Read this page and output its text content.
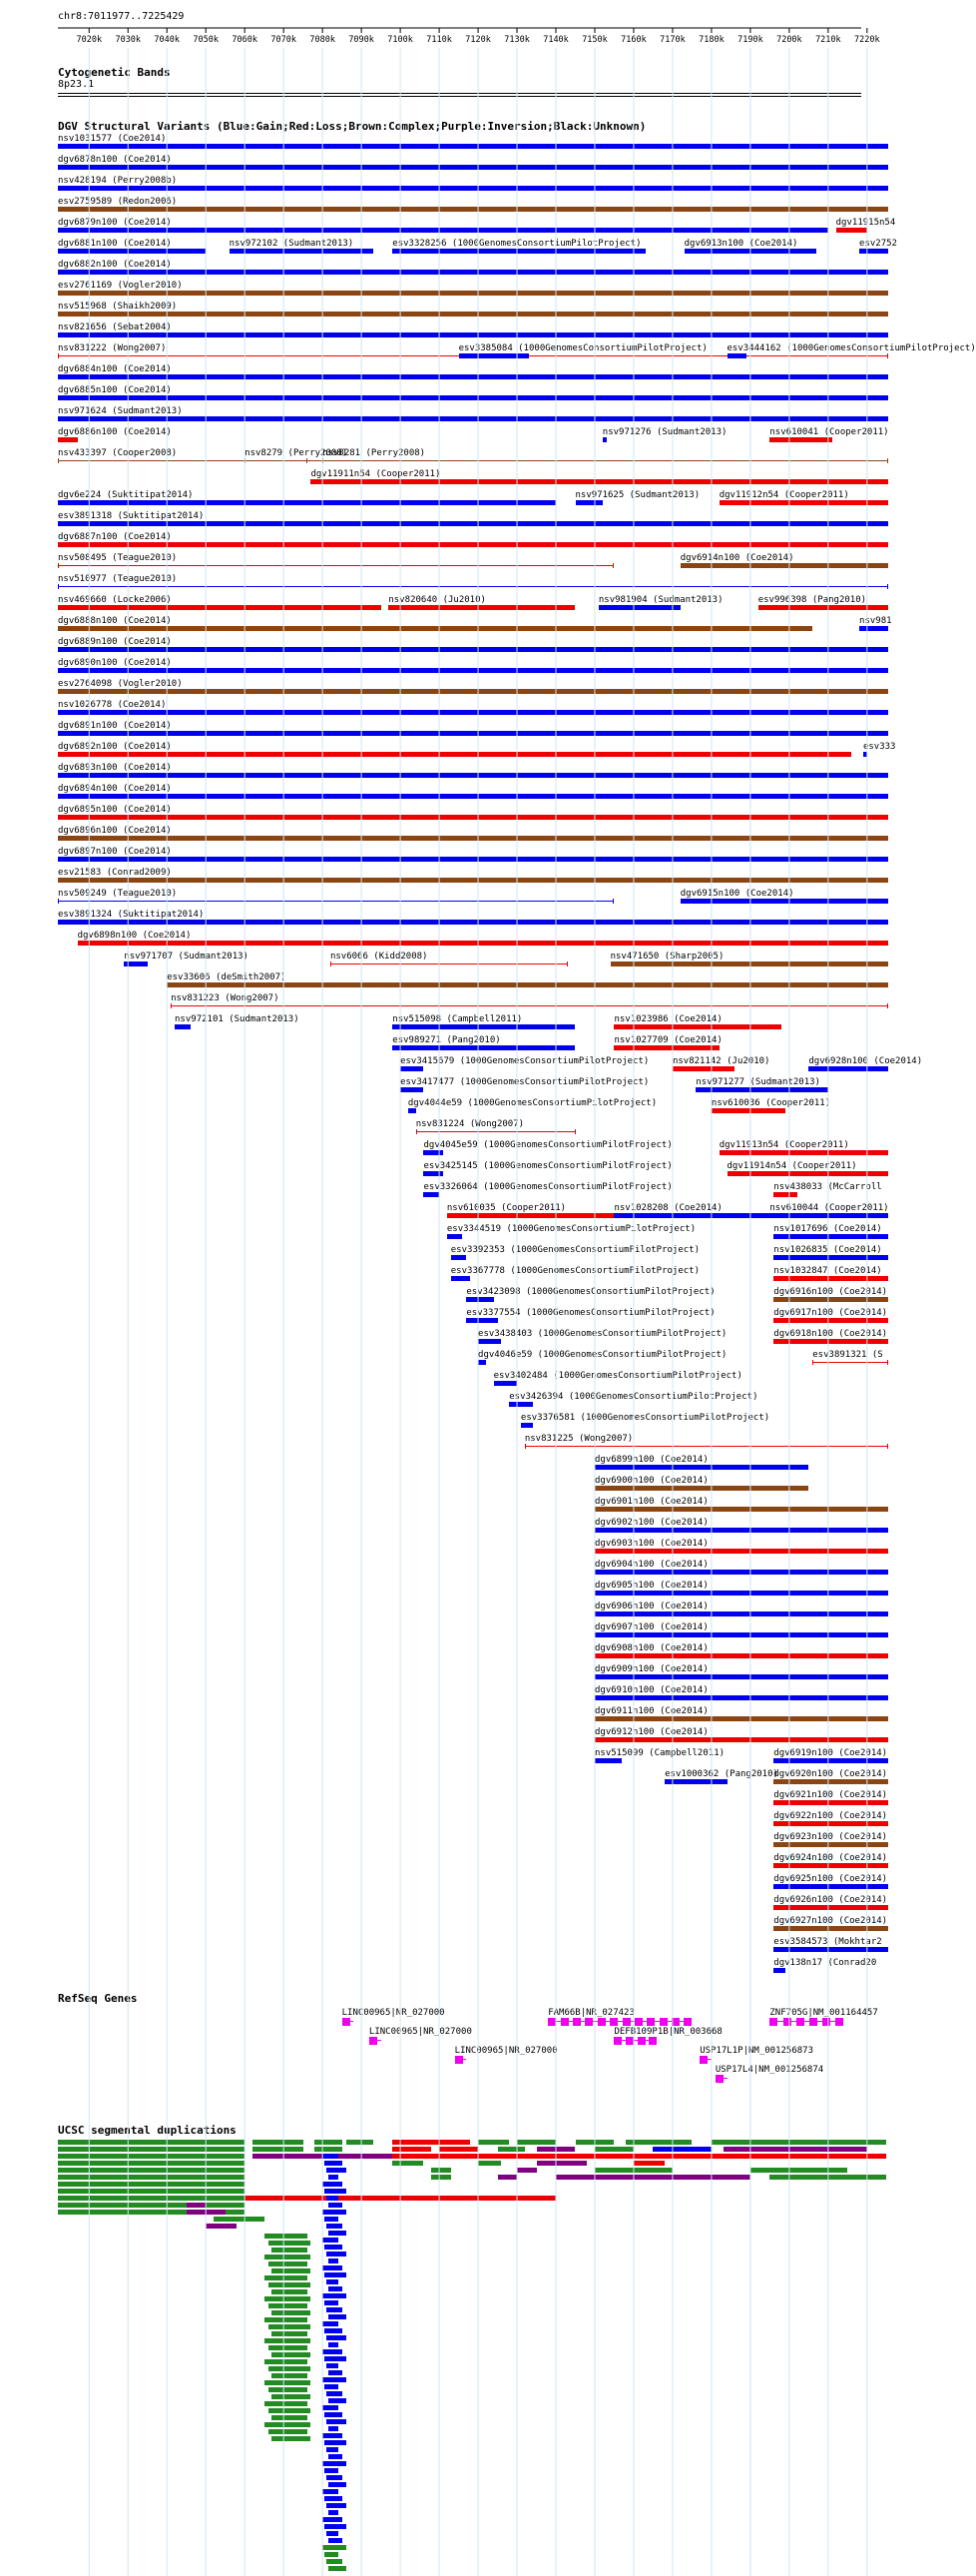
7020k 7030k 7040k 7050k 7060k 7070k 7080k 7090k 7100k 7110k 7120k 7130k 7140k 7150k 7160k 7170k 7180k 7190k 7200k 7210k 7220k
chr8:7011977..7225429
Cytogenetic Bands
8p23.1
DGV Structural Variants (Blue:Gain;Red:Loss;Brown:Complex;Purple:Inversion;Black:Unknown)
nsv1031577 (Coe2014)
dgv6878n100 (Coe2014)
nsv428194 (Perry2008b)
esv2759589 (Redon2006)
dgv6879n100 (Coe2014)	dgv11915n54
dgv6881n100 (Coe2014)	nsv972102 (Sudmant2013)	esv3328256 (1000GenomesConsortiumPilotProject)	dgv6913n100 (Coe2014)	esv2752
dgv6882n100 (Coe2014)
esv2761169 (Vogler2010)
nsv515968 (Shaikh2009)
nsv821656 (Sebat2004)
nsv831222 (Wong2007)	esv3385084 (1000GenomesConsortiumPilotProject) esv3444162 (1000GenomesConsortiumPilotProject)
dgv6884n100 (Coe2014)
dgv6885n100 (Coe2014)
nsv971624 (Sudmant2013)
dgv6886n100 (Coe2014)	nsv971276 (Sudmant2013)	nsv610041 (Cooper2011)
nsv433397 (Cooper2008)	nsv8279 (Perry2008)
nsv8281 (Perry2008)
dgv11911n54 (Cooper2011)
dgv6e224 (Suktitipat2014)	nsv971625 (Sudmant2013) dgv11912n54 (Cooper2011)
esv3891318 (Suktitipat2014)
dgv6887n100 (Coe2014)
nsv508495 (Teague2010)	dgv6914n100 (Coe2014)
nsv510977 (Teague2010)
nsv469660 (Locke2006)	nsv820640 (Ju2010)	nsv981904 (Sudmant2013)	esv996398 (Pang2010)
dgv6888n100 (Coe2014)	nsv981
dgv6889n100 (Coe2014)
dgv6890n100 (Coe2014)
esv2764098 (Vogler2010)
nsv1026778 (Coe2014)
dgv6891n100 (Coe2014)
dgv6892n100 (Coe2014)	esv333
dgv6893n100 (Coe2014)
dgv6894n100 (Coe2014)
dgv6895n100 (Coe2014)
dgv6896n100 (Coe2014)
dgv6897n100 (Coe2014)
esv21583 (Conrad2009)
nsv509249 (Teague2010)	dgv6915n100 (Coe2014)
esv3891324 (Suktitipat2014)
dgv6898n100 (Coe2014)
nsv971707 (Sudmant2013)	nsv6066 (Kidd2008)	nsv471650 (Sharp2005)
esv33606 (deSmith2007)
nsv831223 (Wong2007)
nsv972101 (Sudmant2013)	nsv515098 (Campbell2011)	nsv1023986 (Coe2014)
esv989271 (Pang2010)	nsv1027709 (Coe2014)
esv3415679 (1000GenomesConsortiumPilotProject)	nsv821142 (Ju2010)	dgv6928n100 (Coe2014)
esv3417477 (1000GenomesConsortiumPilotProject)	nsv971277 (Sudmant2013)
dgv4044e59 (1000GenomesConsortiumPilotProject)	nsv610036 (Cooper2011)
nsv831224 (Wong2007)
dgv4045e59 (1000GenomesConsortiumPilotProject)	dgv11913n54 (Cooper2011)
esv3425145 (1000GenomesConsortiumPilotProject)	dgv11914n54 (Cooper2011)
esv3326064 (1000GenomesConsortiumPilotProject)	nsv438033 (McCarroll
nsv610035 (Cooper2011)	nsv1028208 (Coe2014)	nsv610044 (Cooper2011)
esv3344519 (1000GenomesConsortiumPilotProject)	nsv1017696 (Coe2014)
esv3392353 (1000GenomesConsortiumPilotProject)	nsv1026835 (Coe2014)
esv3367778 (1000GenomesConsortiumPilotProject)	nsv1032847 (Coe2014)
esv3423098 (1000GenomesConsortiumPilotProject)	dgv6916n100 (Coe2014)
esv3377554 (1000GenomesConsortiumPilotProject)	dgv6917n100 (Coe2014)
esv3438403 (1000GenomesConsortiumPilotProject)	dgv6918n100 (Coe2014)
dgv4046e59 (1000GenomesConsortiumPilotProject)	esv3891321 (S
esv3402484 (1000GenomesConsortiumPilotProject)
esv3426394 (1000GenomesConsortiumPilotProject)
esv3376581 (1000GenomesConsortiumPilotProject)
nsv831225 (Wong2007)
dgv6899n100 (Coe2014)
dgv6900n100 (Coe2014)
dgv6901n100 (Coe2014)
dgv6902n100 (Coe2014)
dgv6903n100 (Coe2014)
dgv6904n100 (Coe2014)
dgv6905n100 (Coe2014)
dgv6906n100 (Coe2014)
dgv6907n100 (Coe2014)
dgv6908n100 (Coe2014)
dgv6909n100 (Coe2014)
dgv6910n100 (Coe2014)
dgv6911n100 (Coe2014)
dgv6912n100 (Coe2014)
nsv515099 (Campbell2011)	dgv6919n100 (Coe2014)
esv1000362 (Pang2010)
dgv6920n100 (Coe2014)
dgv6921n100 (Coe2014)
dgv6922n100 (Coe2014)
dgv6923n100 (Coe2014)
dgv6924n100 (Coe2014)
dgv6925n100 (Coe2014)
dgv6926n100 (Coe2014)
dgv6927n100 (Coe2014)
esv3584573 (Mokhtar2
dgv138n17 (Conrad20
RefSeq Genes
LINC00965|NR_027000	FAM66B|NR_027423	ZNF705G|NM_001164457
LINC00965|NR_027000	DEFB109P1B|NR_003668
LINC00965|NR_027000	USP17L1P|NM_001256873
USP17L4|NM_001256874
UCSC segmental duplications
